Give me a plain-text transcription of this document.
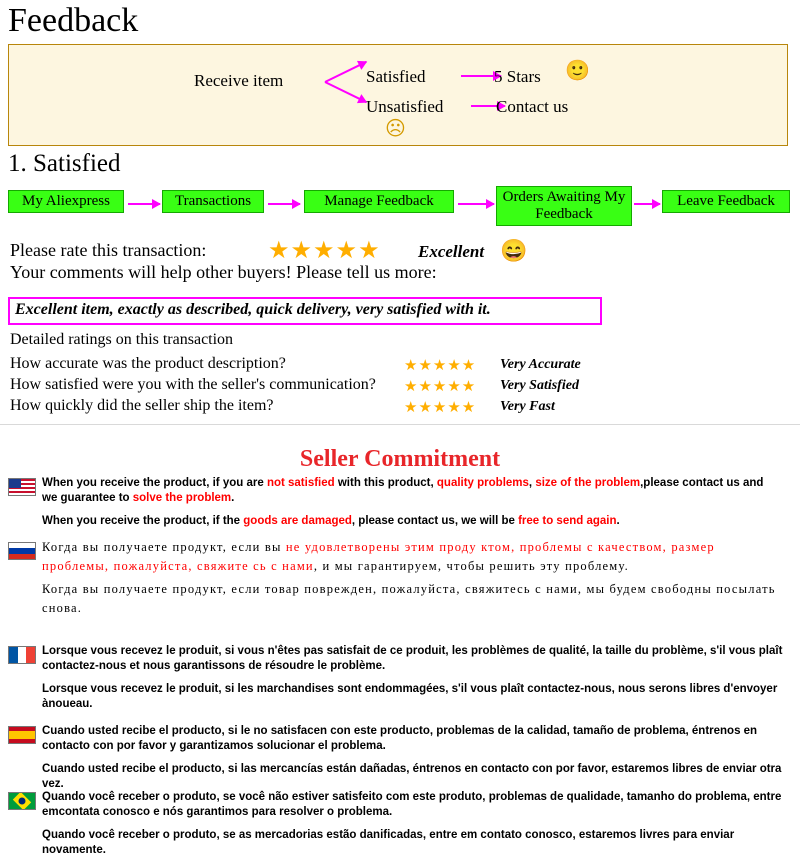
Feedback
Receive item	Satisfied
Unsatisfied
5 Stars
Contact us
🙂
☹
1. Satisfied
My Aliexpress	Transactions	Manage Feedback	Orders Awaiting My Feedback
Leave Feedback
Please rate this transaction:	★★★★★ Excellent 😄
Your comments will help other buyers! Please tell us more:
Excellent item, exactly as described, quick delivery, very satisfied with it.
Detailed ratings on this transaction
How accurate was the product description?	★★★★★ Very Accurate
How satisfied were you with the seller's communication? ★★★★★ Very Satisfied
How quickly did the seller ship the item?	★★★★★ Very Fast
Seller Commitment
When you receive the product, if you are not satisfied with this product, quality problems, size of the problem,please contact us and we guarantee to solve the problem.
When you receive the product, if the goods are damaged, please contact us, we will be free to send again.
Когда вы получаете продукт, если вы не удовлетворены этим проду ктом, проблемы с качеством, размер проблемы, пожалуйста, свяжите сь с нами, и мы гарантируем, чтобы решить эту проблему.
Когда вы получаете продукт, если товар поврежден, пожалуйста, свяжитесь с нами, мы будем свободны посылать снова.
Lorsque vous recevez le produit, si vous n'êtes pas satisfait de ce produit, les problèmes de qualité, la taille du problème, s'il vous plaît contactez-nous et nous garantissons de résoudre le problème.
Lorsque vous recevez le produit, si les marchandises sont endommagées, s'il vous plaît contactez-nous, nous serons libres d'envoyer ànoueau.
Cuando usted recibe el producto, si le no satisfacen con este producto, problemas de la calidad, tamaño de problema, éntrenos en contacto con por favor y garantizamos solucionar el problema.
Cuando usted recibe el producto, si las mercancías están dañadas, éntrenos en contacto con por favor, estaremos libres de enviar otra vez.
Quando você receber o produto, se você não estiver satisfeito com este produto, problemas de qualidade, tamanho do problema, entre emcontata conosco e nós garantimos para resolver o problema.
Quando você receber o produto, se as mercadorias estão danificadas, entre em contato conosco, estaremos livres para enviar novamente.
